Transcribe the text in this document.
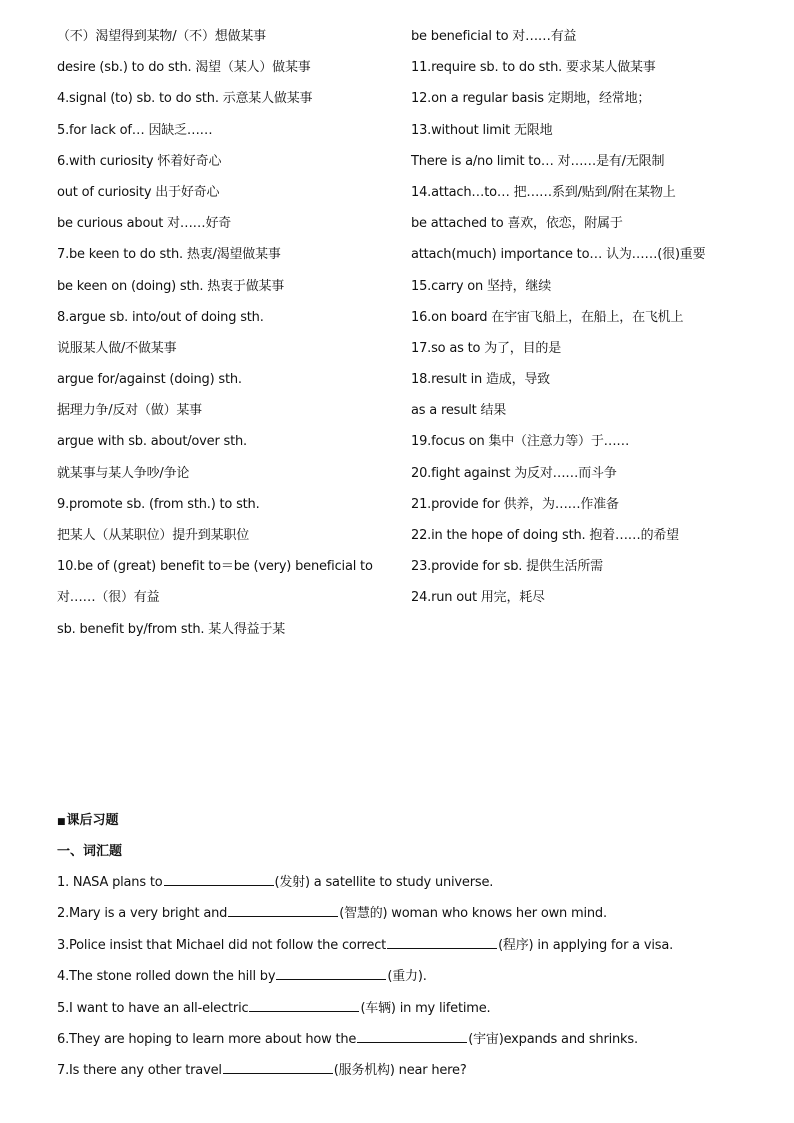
（不）渴望得到某物/（不）想做某事
desire (sb.) to do sth. 渴望（某人）做某事
4.signal (to) sb. to do sth. 示意某人做某事
5.for lack of… 因缺乏……
6.with curiosity 怀着好奇心
out of curiosity 出于好奇心
be curious about 对……好奇
7.be keen to do sth. 热衷/渴望做某事
be keen on (doing) sth. 热衷于做某事
8.argue sb. into/out of doing sth.
说服某人做/不做某事
argue for/against (doing) sth.
据理力争/反对（做）某事
argue with sb. about/over sth.
就某事与某人争吵/争论
9.promote sb. (from sth.) to sth.
把某人（从某职位）提升到某职位
10.be of (great) benefit to＝be (very) beneficial to
对……（很）有益
sb. benefit by/from sth. 某人得益于某
be beneficial to 对……有益
11.require sb. to do sth. 要求某人做某事
12.on a regular basis 定期地，经常地；
13.without limit 无限地
There is a/no limit to… 对……是有/无限制
14.attach…to… 把……系到/贴到/附在某物上
be attached to 喜欢，依恋，附属于
attach(much) importance to… 认为……(很)重要
15.carry on 坚持，继续
16.on board 在宇宙飞船上，在船上，在飞机上
17.so as to 为了，目的是
18.result in 造成，导致
as a result 结果
19.focus on 集中（注意力等）于……
20.fight against 为反对……而斗争
21.provide for 供养，为……作准备
22.in the hope of doing sth. 抱着……的希望
23.provide for sb. 提供生活所需
24.run out 用完，耗尽
■课后习题
一、词汇题
1. NASA plans to	(发射) a satellite to study universe.
2.Mary is a very bright and	(智慧的) woman who knows her own mind.
3.Police insist that Michael did not follow the correct	(程序) in applying for a visa.
4.The stone rolled down the hill by	(重力).
5.I want to have an all-electric	(车辆) in my lifetime.
6.They are hoping to learn more about how the	(宇宙)expands and shrinks.
7.Is there any other travel	(服务机构) near here?
